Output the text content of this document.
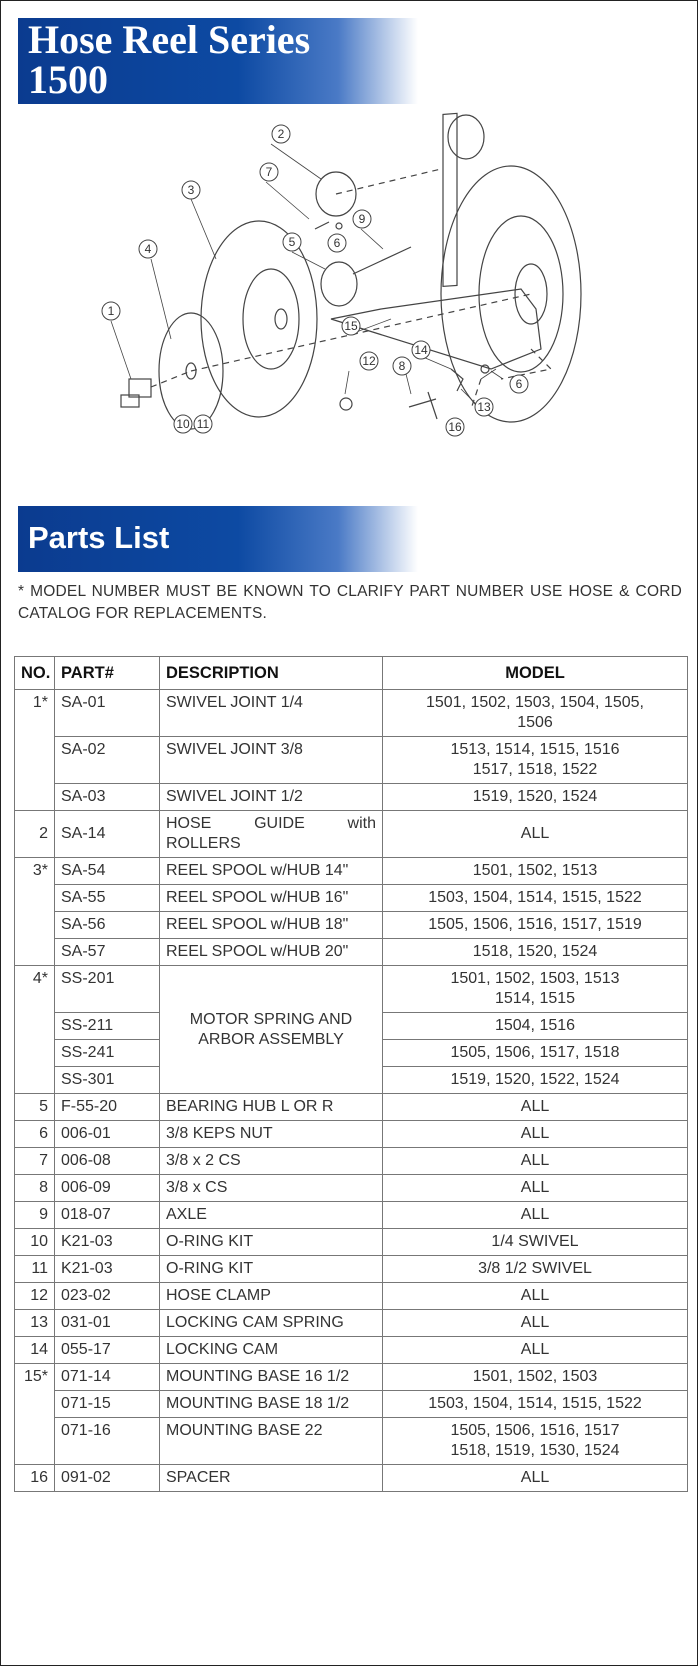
Hose Reel Series
1500
1
2
3
4	5	6
7
8
9
10 11
12
13
14
15
16
6
Parts List
* MODEL NUMBER MUST BE KNOWN TO CLARIFY PART NUMBER USE HOSE & CORD CATALOG FOR REPLACEMENTS.
NO.	PART#	DESCRIPTION	MODEL
1*	SA-01	SWIVEL JOINT 1/4	1501, 1502, 1503, 1504, 1505,
1506

	SA-02	SWIVEL JOINT 3/8	1513, 1514, 1515, 1516
1517, 1518, 1522

	SA-03	SWIVEL JOINT 1/2	1519, 1520, 1524
2	SA-14	HOSE GUIDE with ROLLERS	ALL
3*	SA-54	REEL SPOOL w/HUB 14"	1501, 1502, 1513
	SA-55	REEL SPOOL w/HUB 16"	1503, 1504, 1514, 1515, 1522
	SA-56	REEL SPOOL w/HUB 18"	1505, 1506, 1516, 1517, 1519
	SA-57	REEL SPOOL w/HUB 20"	1518, 1520, 1524
4*	SS-201	MOTOR SPRING AND ARBOR ASSEMBLY	1501, 1502, 1503, 1513
1514, 1515

	SS-211		1504, 1516
	SS-241		1505, 1506, 1517, 1518
	SS-301		1519, 1520, 1522, 1524
5	F-55-20	BEARING HUB L OR R	ALL
6	006-01	3/8 KEPS NUT	ALL
7	006-08	3/8 x 2 CS	ALL
8	006-09	3/8 x CS	ALL
9	018-07	AXLE	ALL
10	K21-03	O-RING KIT	1/4 SWIVEL
11	K21-03	O-RING KIT	3/8 1/2 SWIVEL
12	023-02	HOSE CLAMP	ALL
13	031-01	LOCKING CAM SPRING	ALL
14	055-17	LOCKING CAM	ALL
15*	071-14	MOUNTING BASE 16 1/2	1501, 1502, 1503
	071-15	MOUNTING BASE 18 1/2	1503, 1504, 1514, 1515, 1522
	071-16	MOUNTING BASE 22	1505, 1506, 1516, 1517
1518, 1519, 1530, 1524

16	091-02	SPACER	ALL
